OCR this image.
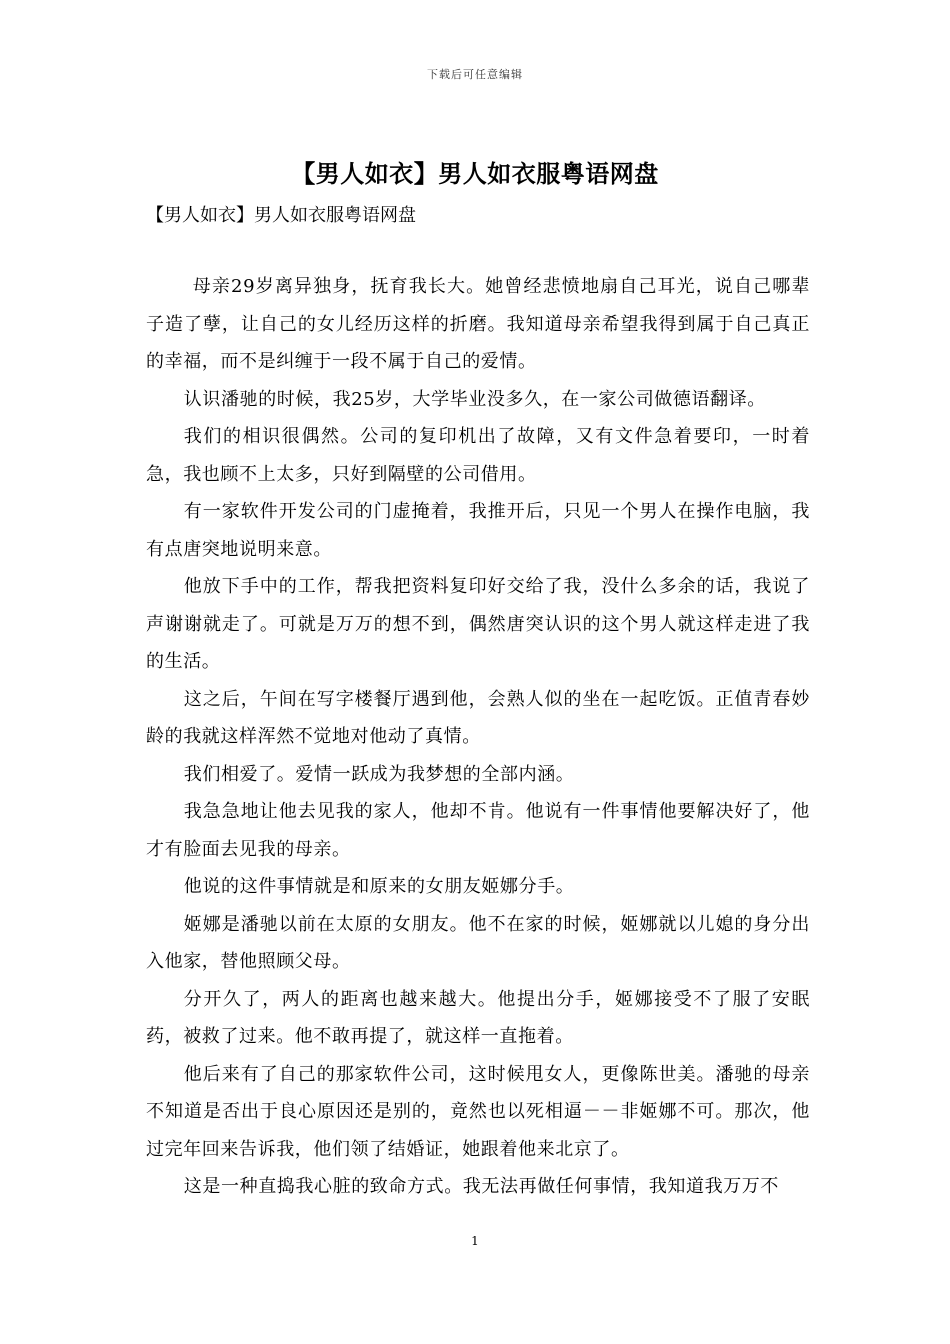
下载后可任意编辑
【男人如衣】男人如衣服粤语网盘

【男人如衣】男人如衣服粤语网盘

母亲29岁离异独身，抚育我长大。她曾经悲愤地扇自己耳光，说自己哪辈子造了孽，让自己的女儿经历这样的折磨。我知道母亲希望我得到属于自己真正的幸福，而不是纠缠于一段不属于自己的爱情。

认识潘驰的时候，我25岁，大学毕业没多久，在一家公司做德语翻译。

我们的相识很偶然。公司的复印机出了故障，又有文件急着要印，一时着急，我也顾不上太多，只好到隔壁的公司借用。

有一家软件开发公司的门虚掩着，我推开后，只见一个男人在操作电脑，我有点唐突地说明来意。

他放下手中的工作，帮我把资料复印好交给了我，没什么多余的话，我说了声谢谢就走了。可就是万万的想不到，偶然唐突认识的这个男人就这样走进了我的生活。

这之后，午间在写字楼餐厅遇到他，会熟人似的坐在一起吃饭。正值青春妙龄的我就这样浑然不觉地对他动了真情。

我们相爱了。爱情一跃成为我梦想的全部内涵。

我急急地让他去见我的家人，他却不肯。他说有一件事情他要解决好了，他才有脸面去见我的母亲。

他说的这件事情就是和原来的女朋友姬娜分手。

姬娜是潘驰以前在太原的女朋友。他不在家的时候，姬娜就以儿媳的身分出入他家，替他照顾父母。

分开久了，两人的距离也越来越大。他提出分手，姬娜接受不了服了安眠药，被救了过来。他不敢再提了，就这样一直拖着。

他后来有了自己的那家软件公司，这时候甩女人，更像陈世美。潘驰的母亲不知道是否出于良心原因还是别的，竟然也以死相逼－－非姬娜不可。那次，他过完年回来告诉我，他们领了结婚证，她跟着他来北京了。

这是一种直捣我心脏的致命方式。我无法再做任何事情，我知道我万万不

1
